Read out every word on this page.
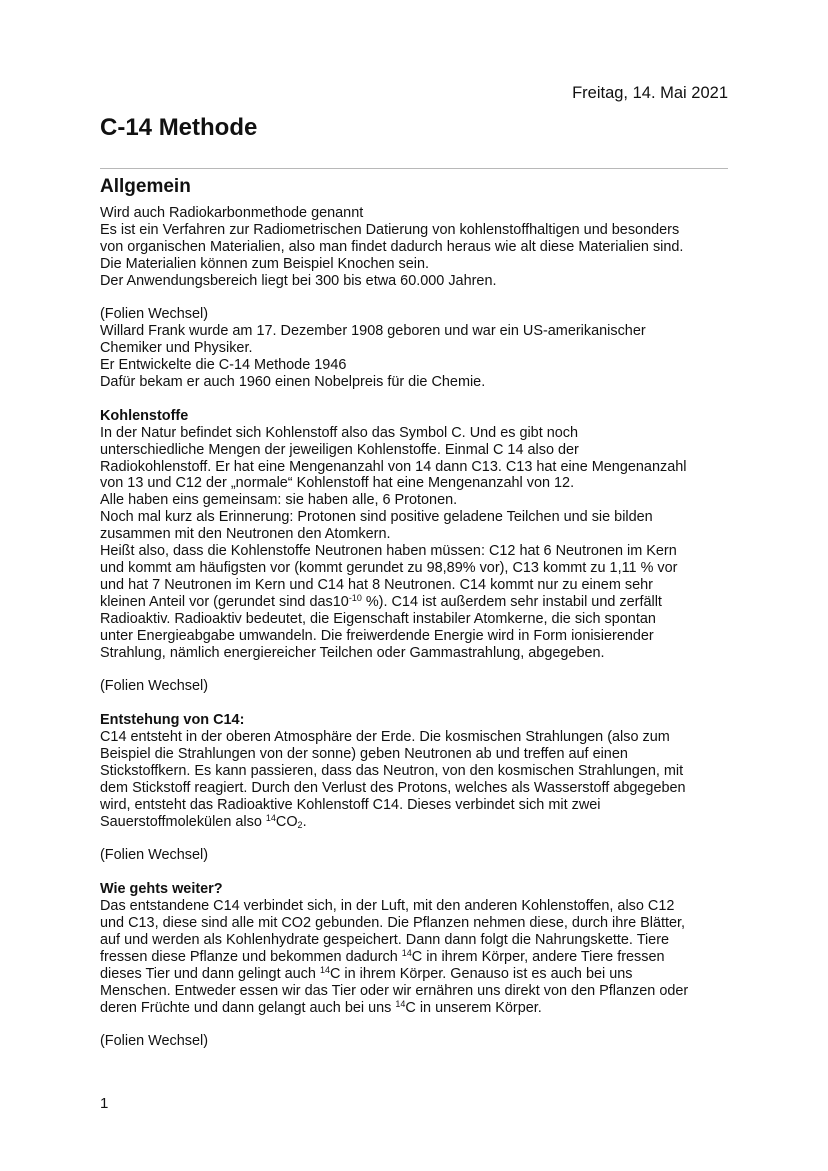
Freitag, 14. Mai 2021
C-14 Methode
Allgemein

Wird auch Radiokarbonmethode genannt

Es ist ein Verfahren zur Radiometrischen Datierung von kohlenstoffhaltigen und besonders

von organischen Materialien, also man findet dadurch heraus wie alt diese Materialien sind.

Die Materialien können zum Beispiel Knochen sein.

Der Anwendungsbereich liegt bei 300 bis etwa 60.000 Jahren.

(Folien Wechsel)

Willard Frank wurde am 17. Dezember 1908 geboren und war ein US-amerikanischer

Chemiker und Physiker.

Er Entwickelte die C-14 Methode 1946

Dafür bekam er auch 1960 einen Nobelpreis für die Chemie.

Kohlenstoffe

In der Natur befindet sich Kohlenstoff also das Symbol C. Und es gibt noch

unterschiedliche Mengen der jeweiligen Kohlenstoffe. Einmal C 14 also der

Radiokohlenstoff. Er hat eine Mengenanzahl von 14 dann C13. C13 hat eine Mengenanzahl

von 13 und C12 der „normale“ Kohlenstoff hat eine Mengenanzahl von 12.

Alle haben eins gemeinsam: sie haben alle, 6 Protonen.

Noch mal kurz als Erinnerung: Protonen sind positive geladene Teilchen und sie bilden

zusammen mit den Neutronen den Atomkern.

Heißt also, dass die Kohlenstoffe Neutronen haben müssen: C12 hat 6 Neutronen im Kern

und kommt am häufigsten vor (kommt gerundet zu 98,89% vor), C13 kommt zu 1,11 % vor

und hat 7 Neutronen im Kern und C14 hat 8 Neutronen. C14 kommt nur zu einem sehr

kleinen Anteil vor (gerundet sind $das10^{-10}$ %). C14 ist außerdem sehr instabil und zerfällt

Radioaktiv. Radioaktiv bedeutet, die Eigenschaft instabiler Atomkerne, die sich spontan

unter Energieabgabe umwandeln. Die freiwerdende Energie wird in Form ionisierender

Strahlung, nämlich energiereicher Teilchen oder Gammastrahlung, abgegeben.

(Folien Wechsel)

Entstehung von C14:

C14 entsteht in der oberen Atmosphäre der Erde. Die kosmischen Strahlungen (also zum

Beispiel die Strahlungen von der sonne) geben Neutronen ab und treffen auf einen

Stickstoffkern. Es kann passieren, dass das Neutron, von den kosmischen Strahlungen, mit

dem Stickstoff reagiert. Durch den Verlust des Protons, welches als Wasserstoff abgegeben

wird, entsteht das Radioaktive Kohlenstoff C14. Dieses verbindet sich mit zwei

Sauerstoffmolekülen also $^{14}CO_2$.

(Folien Wechsel)

Wie gehts weiter?

Das entstandene C14 verbindet sich, in der Luft, mit den anderen Kohlenstoffen, also C12

und C13, diese sind alle mit CO2 gebunden. Die Pflanzen nehmen diese, durch ihre Blätter,

auf und werden als Kohlenhydrate gespeichert. Dann dann folgt die Nahrungskette. Tiere

fressen diese Pflanze und bekommen dadurch $^{14}$C in ihrem Körper, andere Tiere fressen

dieses Tier und dann gelingt auch $^{14}$C in ihrem Körper. Genauso ist es auch bei uns

Menschen. Entweder essen wir das Tier oder wir ernähren uns direkt von den Pflanzen oder

deren Früchte und dann gelangt auch bei uns $^{14}$C in unserem Körper.

(Folien Wechsel)

1
